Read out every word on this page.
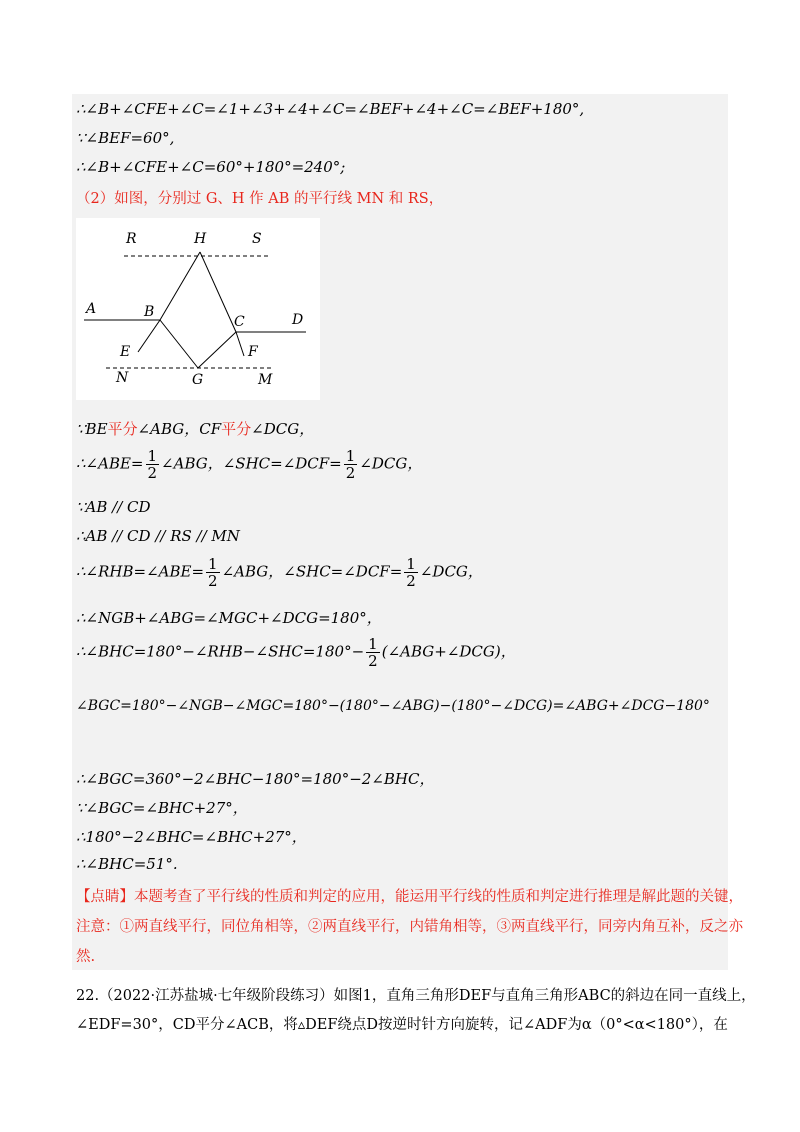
∴∠B+∠CFE+∠C=∠1+∠3+∠4+∠C=∠BEF+∠4+∠C=∠BEF+180°,
∵∠BEF=60°,
∴∠B+∠CFE+∠C=60°+180°=240°;
（2）如图，分别过 G、H 作 AB 的平行线 MN 和 RS，
R	H	S
A	B
C	D
E	F
N	G	M
∵BE平分∠ABG，CF平分∠DCG，
∴∠ABE= $\frac{1}{2}$ ∠ABG，∠SHC=∠DCF= $\frac{1}{2}$ ∠DCG，
∵AB // CD
∴AB // CD // RS // MN
∴∠RHB=∠ABE= $\frac{1}{2}$ ∠ABG，∠SHC=∠DCF= $\frac{1}{2}$ ∠DCG，
∴∠NGB+∠ABG=∠MGC+∠DCG=180°，
∴∠BHC=180°−∠RHB−∠SHC=180°− $\frac{1}{2}$ (∠ABG+∠DCG)，
∠BGC=180°−∠NGB−∠MGC=180°−(180°−∠ABG)−(180°−∠DCG)=∠ABG+∠DCG−180°
∴∠BGC=360°−2∠BHC−180°=180°−2∠BHC，
∵∠BGC=∠BHC+27°，
∴180°−2∠BHC=∠BHC+27°，
∴∠BHC=51°.
【点睛】本题考查了平行线的性质和判定的应用，能运用平行线的性质和判定进行推理是解此题的关键，
注意：①两直线平行，同位角相等，②两直线平行，内错角相等，③两直线平行，同旁内角互补，反之亦
然.
22.（2022·江苏盐城·七年级阶段练习）如图1，直角三角形DEF与直角三角形ABC的斜边在同一直线上，
∠EDF=30°，CD平分∠ACB，将▵DEF绕点D按逆时针方向旋转，记∠ADF为α（0°<α<180°），在
